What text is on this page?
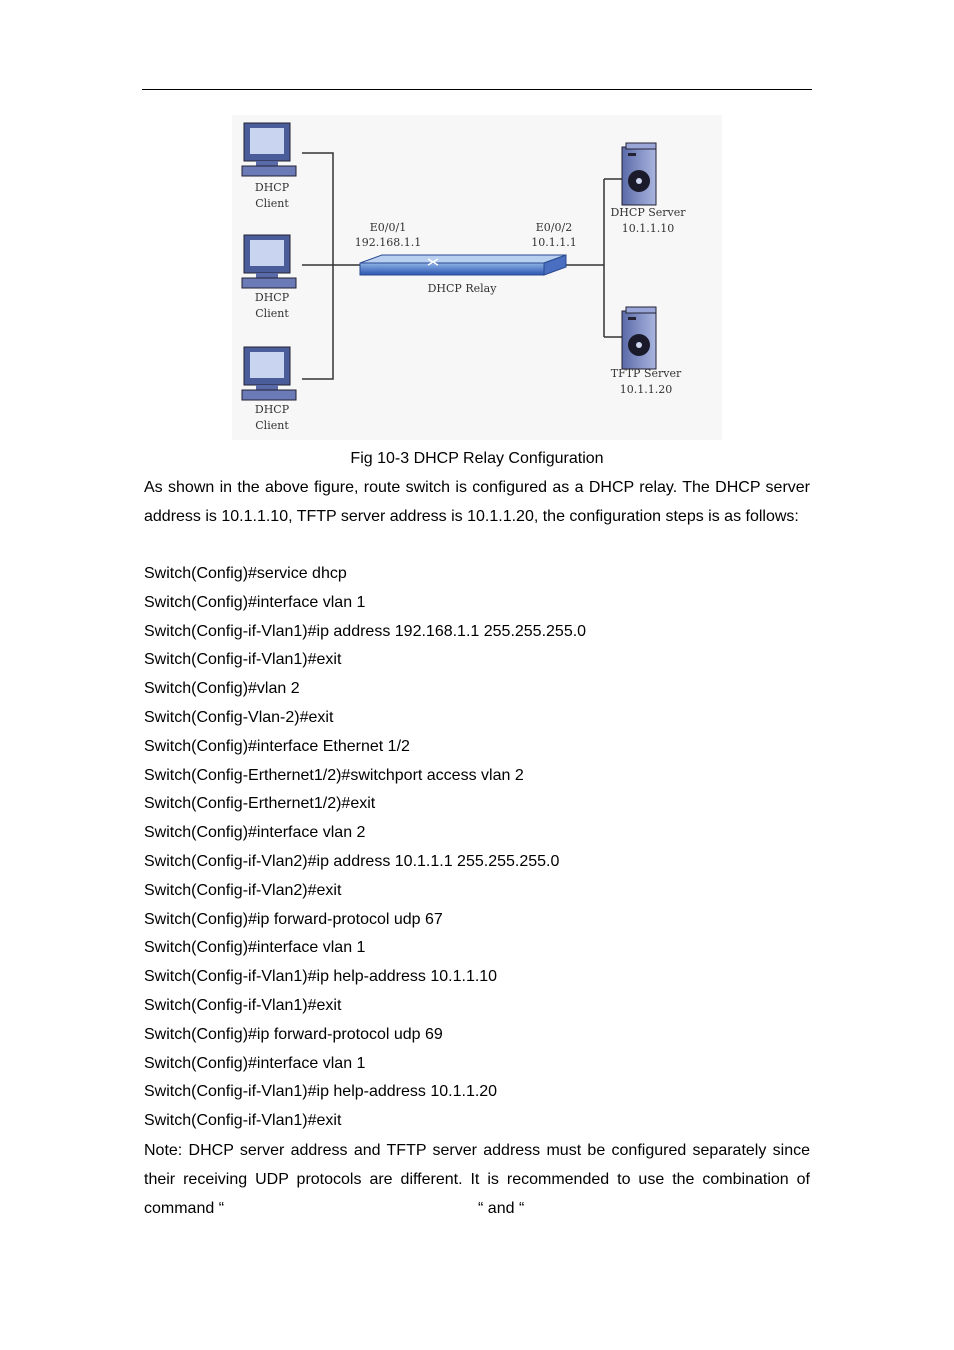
DHCP
Client
DHCP
Client
DHCP
Client
E0/0/1
192.168.1.1
E0/0/2
10.1.1.1
DHCP Relay
DHCP Server
10.1.1.10
TFTP Server
10.1.1.20
Fig 10-3 DHCP Relay Configuration

As shown in the above figure, route switch is configured as a DHCP relay. The DHCP server address is 10.1.1.10, TFTP server address is 10.1.1.20, the configuration steps is as follows:

Switch(Config)#service dhcp
Switch(Config)#interface vlan 1
Switch(Config-if-Vlan1)#ip address 192.168.1.1 255.255.255.0
Switch(Config-if-Vlan1)#exit
Switch(Config)#vlan 2
Switch(Config-Vlan-2)#exit
Switch(Config)#interface Ethernet 1/2
Switch(Config-Erthernet1/2)#switchport access vlan 2
Switch(Config-Erthernet1/2)#exit
Switch(Config)#interface vlan 2
Switch(Config-if-Vlan2)#ip address 10.1.1.1 255.255.255.0
Switch(Config-if-Vlan2)#exit
Switch(Config)#ip forward-protocol udp 67
Switch(Config)#interface vlan 1
Switch(Config-if-Vlan1)#ip help-address 10.1.1.10
Switch(Config-if-Vlan1)#exit
Switch(Config)#ip forward-protocol udp 69
Switch(Config)#interface vlan 1
Switch(Config-if-Vlan1)#ip help-address 10.1.1.20
Switch(Config-if-Vlan1)#exit

Note: DHCP server address and TFTP server address must be configured separately since their receiving UDP protocols are different. It is recommended to use the combination of command “	“ and “
